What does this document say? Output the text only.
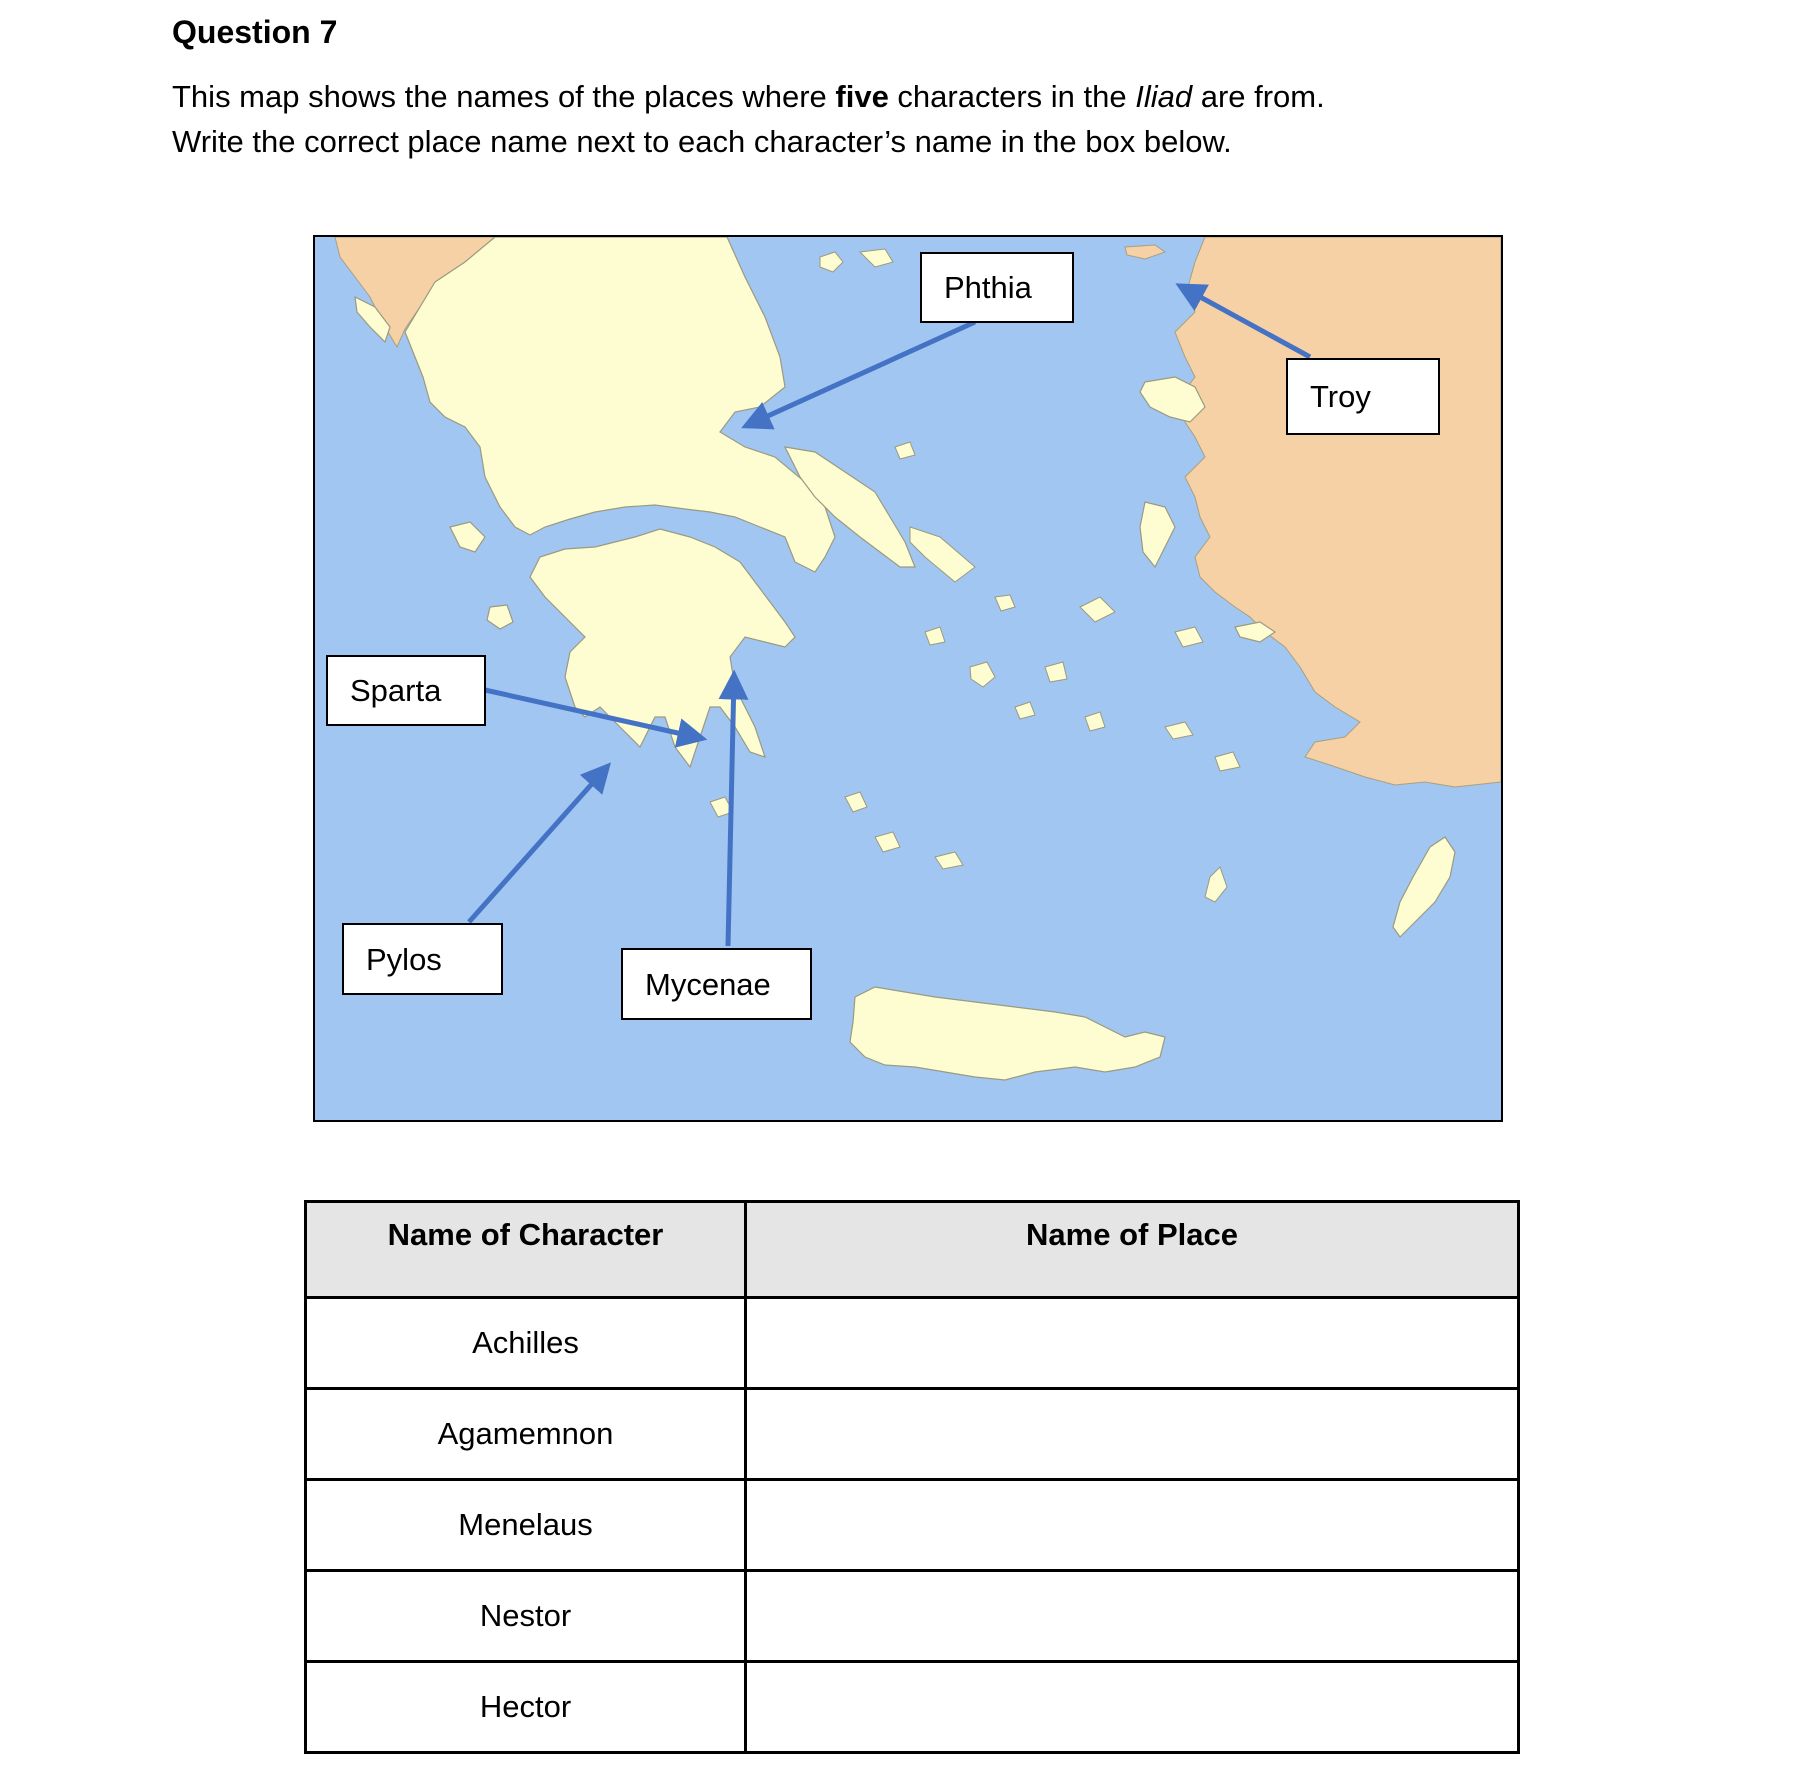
Question 7
This map shows the names of the places where five characters in the Iliad are from.
Write the correct place name next to each character’s name in the box below.
Phthia
Troy
Sparta
Pylos
Mycenae
Name of Character	Name of Place
Achilles	
Agamemnon	
Menelaus	
Nestor	
Hector	
